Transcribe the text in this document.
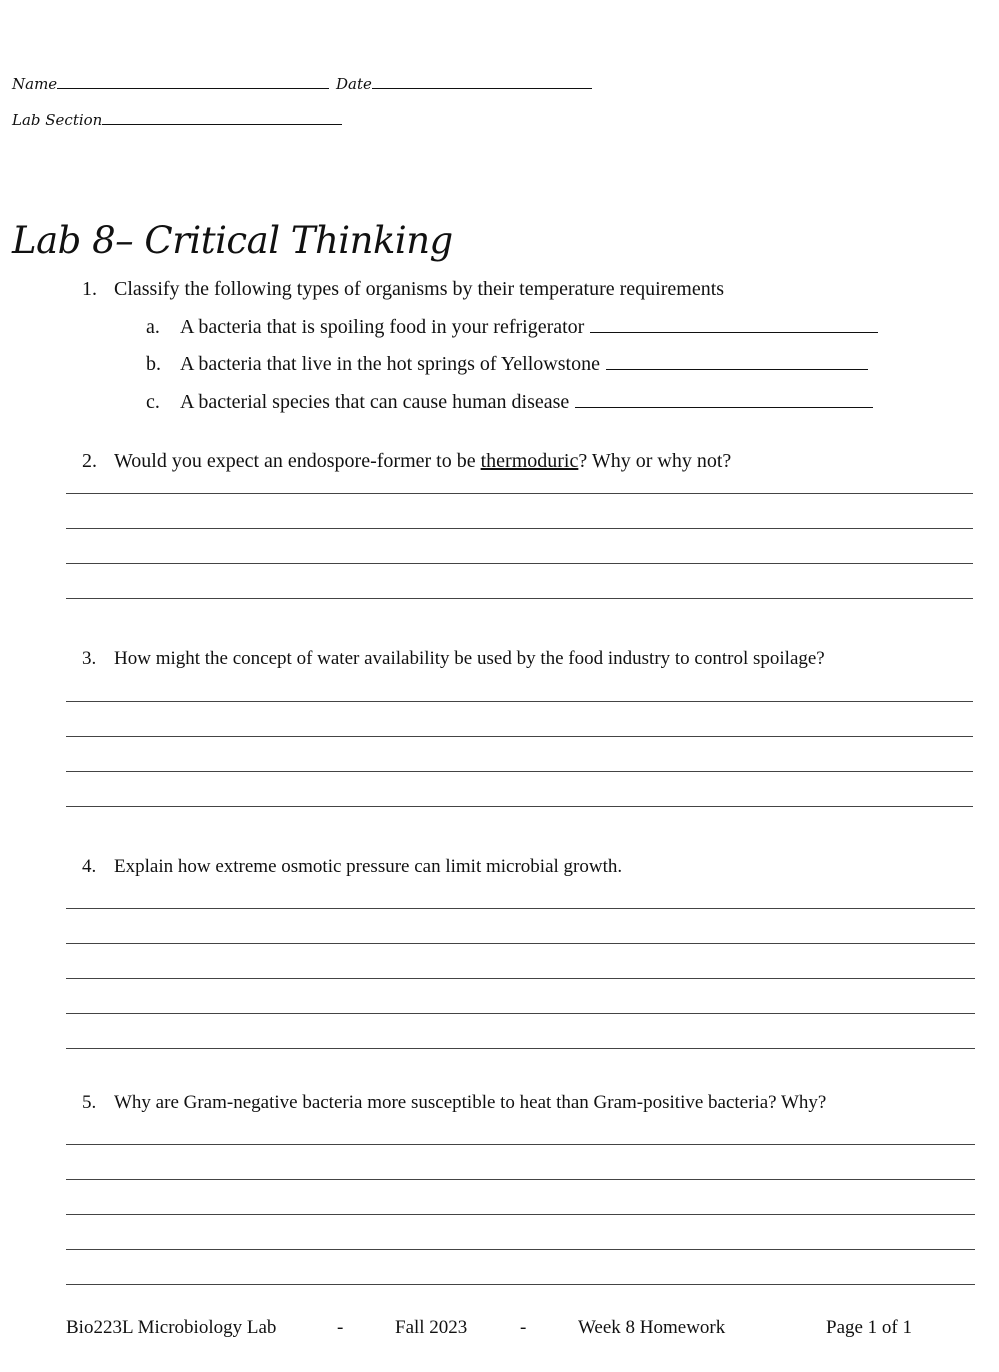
Name	Date
Lab Section
Lab 8– Critical Thinking
1. Classify the following types of organisms by their temperature requirements
a. A bacteria that is spoiling food in your refrigerator
b. A bacteria that live in the hot springs of Yellowstone
c. A bacterial species that can cause human disease
2. Would you expect an endospore-former to be thermoduric? Why or why not?
3. How might the concept of water availability be used by the food industry to control spoilage?
4. Explain how extreme osmotic pressure can limit microbial growth.
5. Why are Gram-negative bacteria more susceptible to heat than Gram-positive bacteria? Why?
Bio223L Microbiology Lab	-	Fall 2023	-	Week 8 Homework	Page 1 of 1
